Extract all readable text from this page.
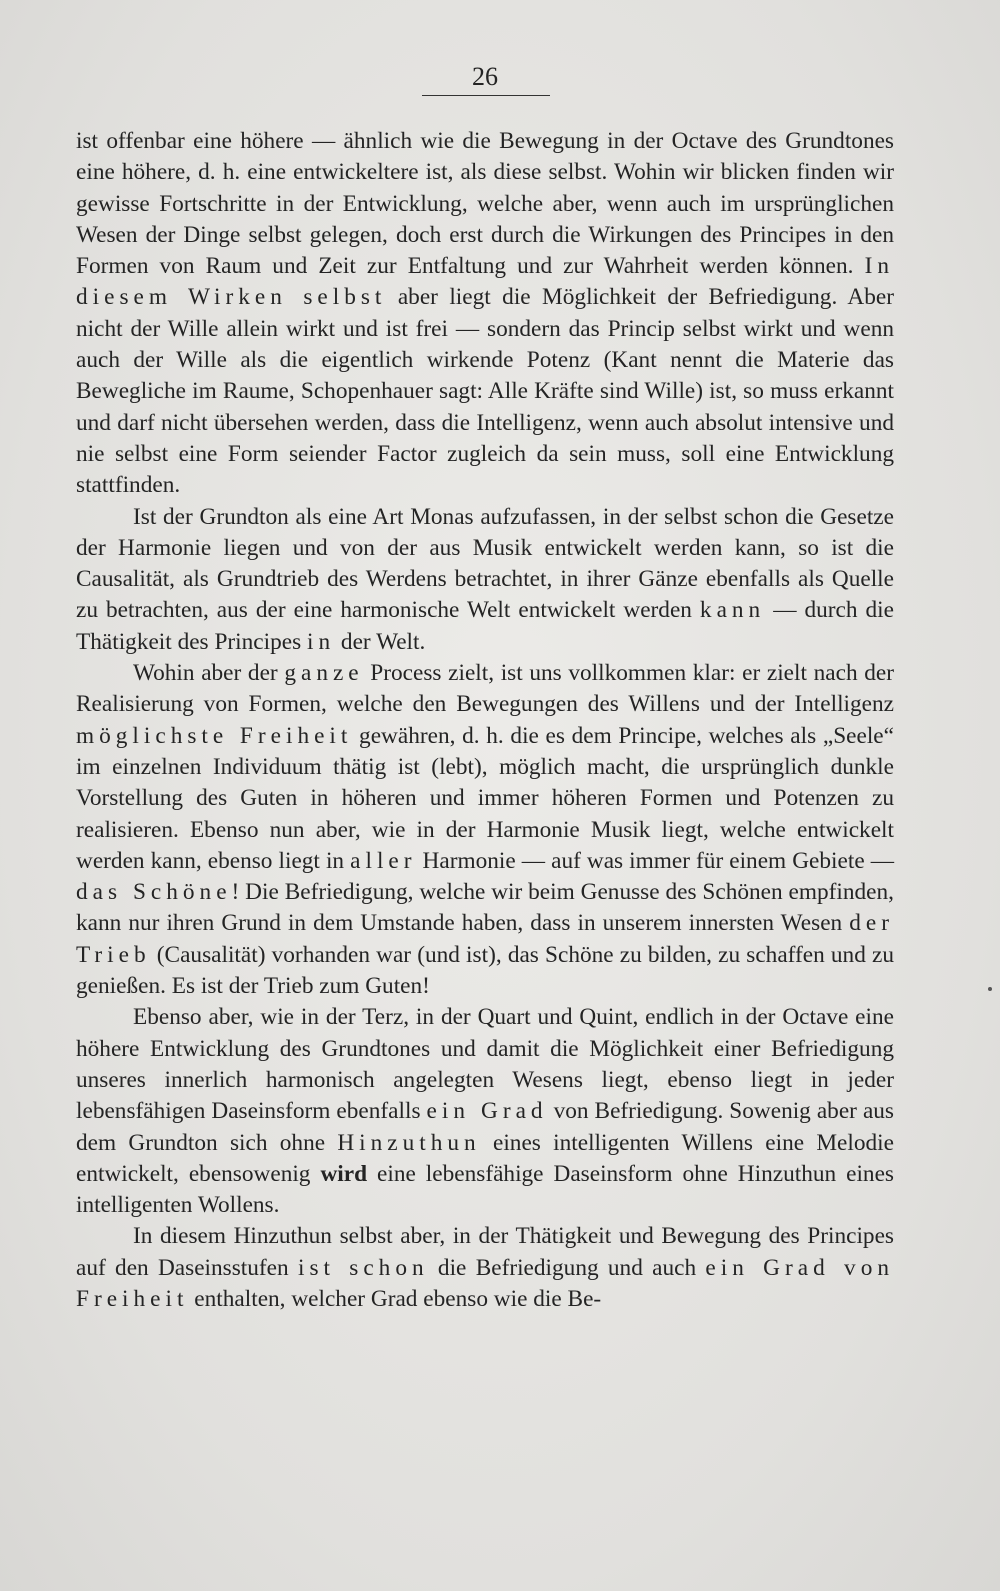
26

ist offenbar eine höhere — ähnlich wie die Bewegung in der Octave des Grundtones eine höhere, d. h. eine entwickeltere ist, als diese selbst. Wohin wir blicken finden wir gewisse Fortschritte in der Entwicklung, welche aber, wenn auch im ursprünglichen Wesen der Dinge selbst gelegen, doch erst durch die Wirkungen des Principes in den Formen von Raum und Zeit zur Entfaltung und zur Wahrheit werden können. In diesem Wirken selbst aber liegt die Möglichkeit der Befriedigung. Aber nicht der Wille allein wirkt und ist frei — sondern das Princip selbst wirkt und wenn auch der Wille als die eigentlich wirkende Potenz (Kant nennt die Materie das Bewegliche im Raume, Schopenhauer sagt: Alle Kräfte sind Wille) ist, so muss erkannt und darf nicht übersehen werden, dass die Intelligenz, wenn auch absolut intensive und nie selbst eine Form seiender Factor zugleich da sein muss, soll eine Entwicklung stattfinden.

Ist der Grundton als eine Art Monas aufzufassen, in der selbst schon die Gesetze der Harmonie liegen und von der aus Musik entwickelt werden kann, so ist die Causalität, als Grundtrieb des Werdens betrachtet, in ihrer Gänze ebenfalls als Quelle zu betrachten, aus der eine harmonische Welt entwickelt werden kann — durch die Thätigkeit des Principes in der Welt.

Wohin aber der ganze Process zielt, ist uns vollkommen klar: er zielt nach der Realisierung von Formen, welche den Bewegungen des Willens und der Intelligenz möglichste Freiheit gewähren, d. h. die es dem Principe, welches als „Seele“ im einzelnen Individuum thätig ist (lebt), möglich macht, die ursprünglich dunkle Vorstellung des Guten in höheren und immer höheren Formen und Potenzen zu realisieren. Ebenso nun aber, wie in der Harmonie Musik liegt, welche entwickelt werden kann, ebenso liegt in aller Harmonie — auf was immer für einem Gebiete — das Schöne! Die Befriedigung, welche wir beim Genusse des Schönen empfinden, kann nur ihren Grund in dem Umstande haben, dass in unserem innersten Wesen der Trieb (Causalität) vorhanden war (und ist), das Schöne zu bilden, zu schaffen und zu genießen. Es ist der Trieb zum Guten!

Ebenso aber, wie in der Terz, in der Quart und Quint, endlich in der Octave eine höhere Entwicklung des Grundtones und damit die Möglichkeit einer Befriedigung unseres innerlich harmonisch angelegten Wesens liegt, ebenso liegt in jeder lebensfähigen Daseinsform ebenfalls ein Grad von Befriedigung. Sowenig aber aus dem Grundton sich ohne Hinzuthun eines intelligenten Willens eine Melodie entwickelt, ebensowenig wird eine lebensfähige Daseinsform ohne Hinzuthun eines intelligenten Wollens.

In diesem Hinzuthun selbst aber, in der Thätigkeit und Bewegung des Principes auf den Daseinsstufen ist schon die Befriedigung und auch ein Grad von Freiheit enthalten, welcher Grad ebenso wie die Be-
